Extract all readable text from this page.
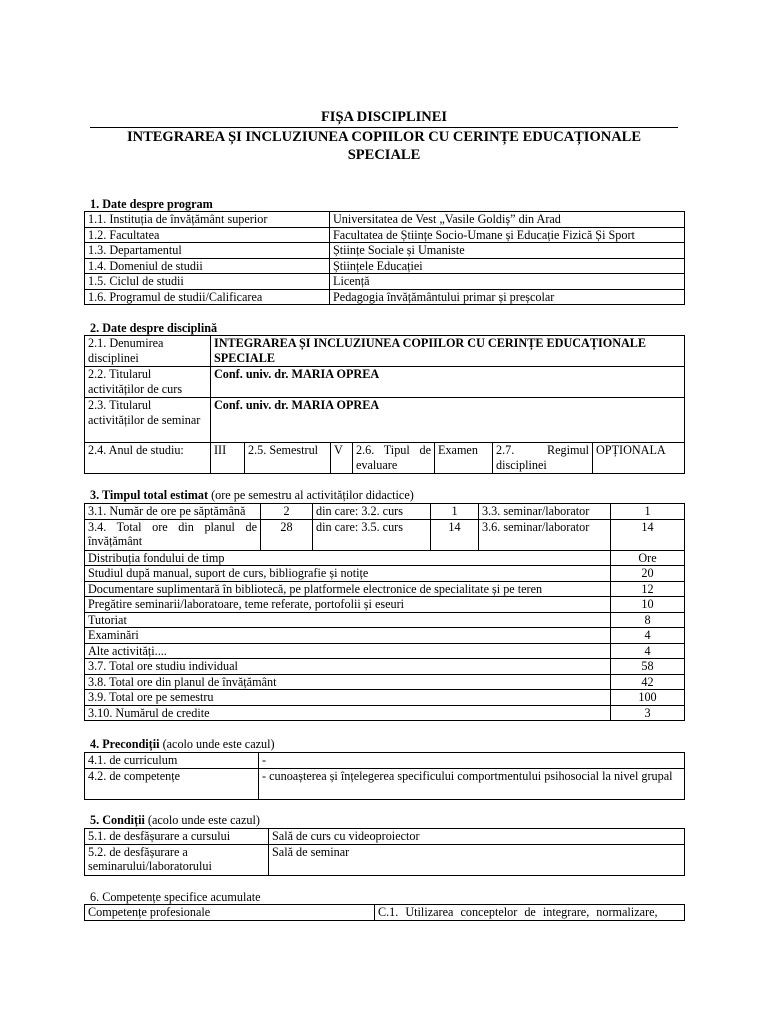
FIȘA DISCIPLINEI
INTEGRAREA ȘI INCLUZIUNEA COPIILOR CU CERINȚE EDUCAȚIONALE SPECIALE
1. Date despre program
1.1. Instituția de învățământ superior	Universitatea de Vest „Vasile Goldiș” din Arad
1.2. Facultatea	Facultatea de Științe Socio-Umane și Educație Fizică Și Sport
1.3. Departamentul	Științe Sociale și Umaniste
1.4. Domeniul de studii	Științele Educației
1.5. Ciclul de studii	Licență
1.6. Programul de studii/Calificarea	Pedagogia învățământului primar și preșcolar
2. Date despre disciplină
2.1. Denumirea disciplinei	INTEGRAREA ȘI INCLUZIUNEA COPIILOR CU CERINȚE EDUCAȚIONALE SPECIALE						
2.2. Titularul activităților de curs	Conf. univ. dr. MARIA OPREA						
2.3. Titularul activităților de seminar	Conf. univ. dr. MARIA OPREA						
2.4. Anul de studiu:	III	2.5. Semestrul	V	2.6. Tipul de evaluare	Examen	2.7. Regimul disciplinei	OPȚIONALA
3. Timpul total estimat (ore pe semestru al activităților didactice)
3.1. Număr de ore pe săptămână	2	din care: 3.2. curs	1	3.3. seminar/laborator	1
3.4. Total ore din planul de învățământ	28	din care: 3.5. curs	14	3.6. seminar/laborator	14
Distribuția fondului de timp					Ore
Studiul după manual, suport de curs, bibliografie și notițe					20
Documentare suplimentară în bibliotecă, pe platformele electronice de specialitate și pe teren					12
Pregătire seminarii/laboratoare, teme referate, portofolii și eseuri					10
Tutoriat					8
Examinări					4
Alte activități....					4
3.7. Total ore studiu individual					58
3.8. Total ore din planul de învățământ					42
3.9. Total ore pe semestru					100
3.10. Numărul de credite					3
4. Precondiții (acolo unde este cazul)
4.1. de curriculum	-
4.2. de competențe	- cunoașterea și înțelegerea specificului comportmentului psihosocial la nivel grupal
5. Condiții (acolo unde este cazul)
5.1. de desfășurare a cursului	Sală de curs cu videoproiector
5.2. de desfășurare a seminarului/laboratorului	Sală de seminar
6. Competențe specifice acumulate
Competențe profesionale	C.1. Utilizarea conceptelor de integrare, normalizare,
